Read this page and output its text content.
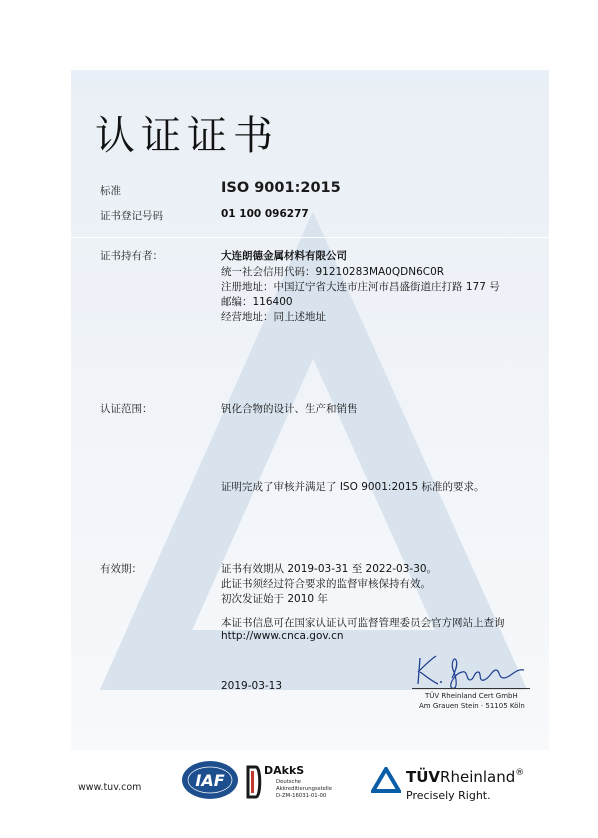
认证证书
标准	ISO 9001:2015
证书登记号码	01 100 096277
证书持有者：	大连朗德金属材料有限公司
统一社会信用代码：91210283MA0QDN6C0R
注册地址：中国辽宁省大连市庄河市昌盛街道庄打路 177 号
邮编：116400
经营地址：同上述地址
认证范围：	钒化合物的设计、生产和销售
证明完成了审核并满足了 ISO 9001:2015 标准的要求。
有效期：	证书有效期从 2019-03-31 至 2022-03-30。
此证书须经过符合要求的监督审核保持有效。
初次发证始于 2010 年
本证书信息可在国家认证认可监督管理委员会官方网站上查询
http://www.cnca.gov.cn
2019-03-13
TÜV Rheinland Cert GmbH
Am Grauen Stein · 51105 Köln
www.tuv.com	IAF
DAkkS
Deutsche
Akkreditierungsstelle
D-ZM-16031-01-00
TÜVRheinland®
Precisely Right.
